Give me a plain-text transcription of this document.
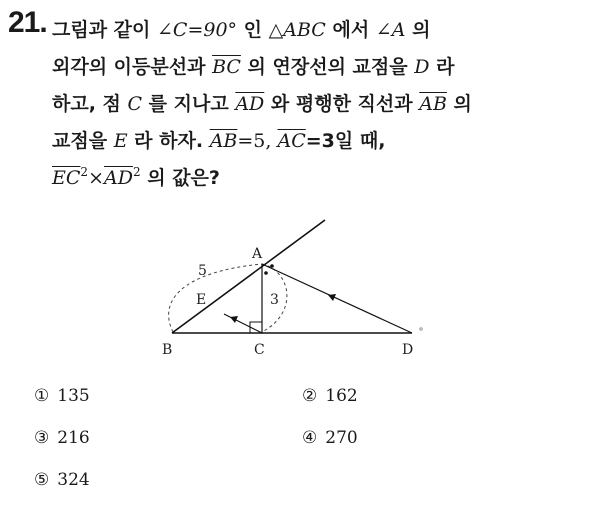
21. 그림과 같이 ∠C=90° 인 △ABC 에서 ∠A 의
외각의 이등분선과 $\overline{BC}$ 의 연장선의 교점을 D 라
하고, 점 C 를 지나고 $\overline{AD}$ 와 평행한 직선과 $\overline{AB}$ 의
교점을 E 라 하자. $\overline{AB}=5$, $\overline{AC}=3$일 때,
$\overline{EC}^2\times\overline{AD}^2$ 의 값은?
A
B	C	D
E
5
3
① 135	② 162
③ 216	④ 270
⑤ 324
